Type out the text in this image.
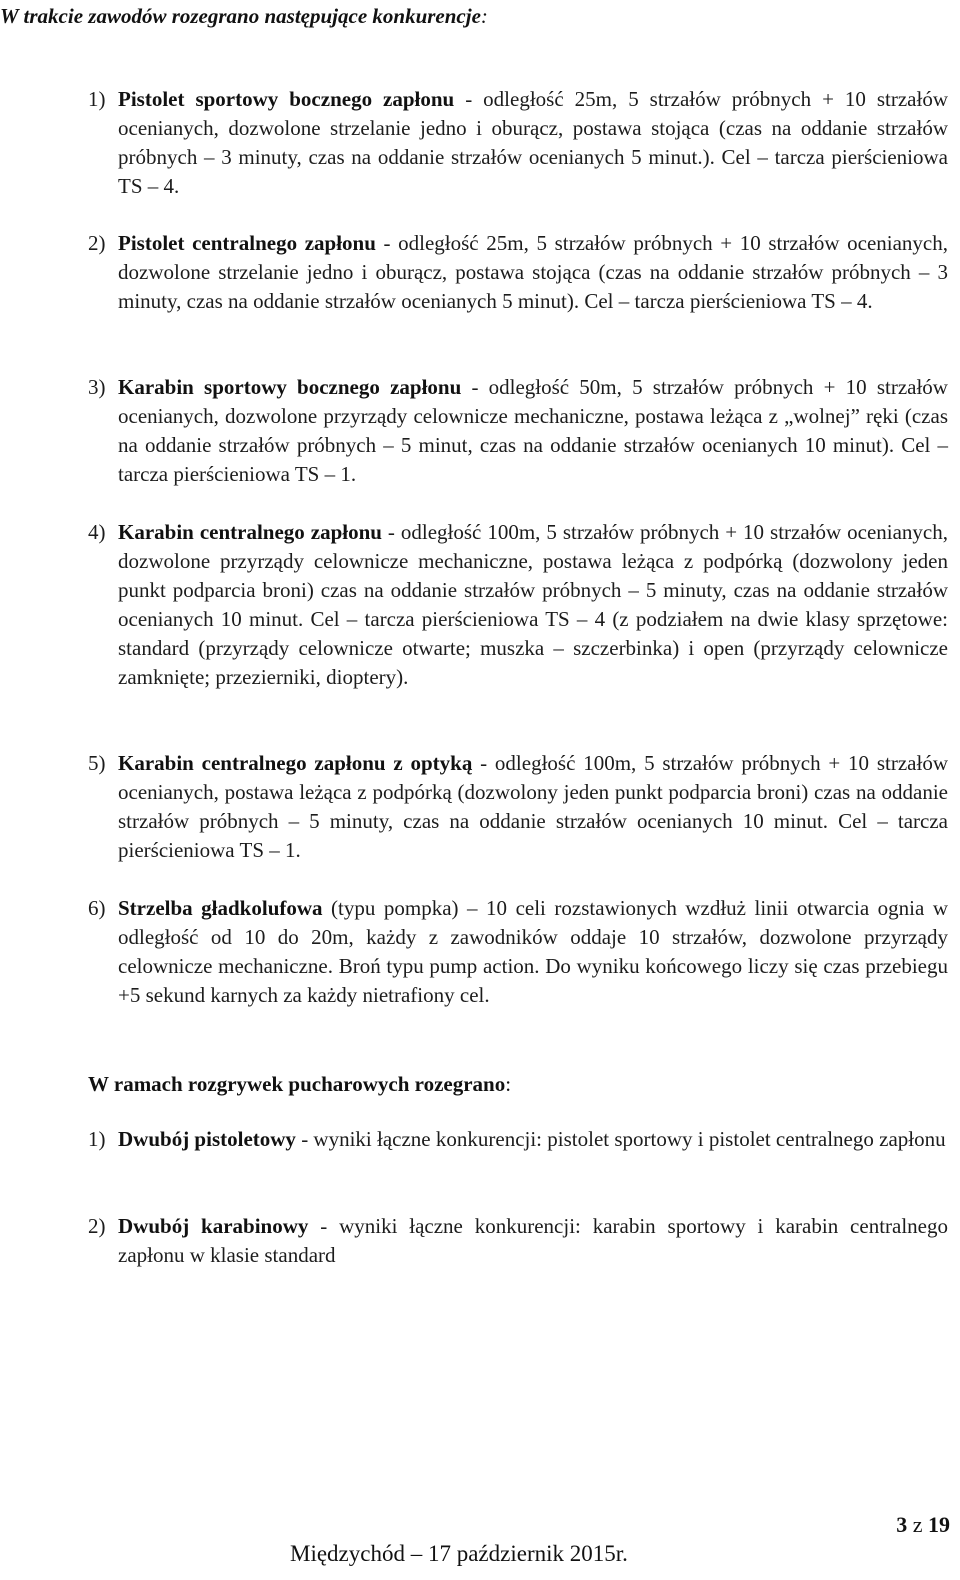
W trakcie zawodów rozegrano następujące konkurencje:
1) Pistolet sportowy bocznego zapłonu - odległość 25m, 5 strzałów próbnych + 10 strzałów ocenianych, dozwolone strzelanie jedno i oburącz, postawa stojąca (czas na oddanie strzałów próbnych – 3 minuty, czas na oddanie strzałów ocenianych 5 minut.). Cel – tarcza pierścieniowa TS – 4.
2) Pistolet centralnego zapłonu - odległość 25m, 5 strzałów próbnych + 10 strzałów ocenianych, dozwolone strzelanie jedno i oburącz, postawa stojąca (czas na oddanie strzałów próbnych – 3 minuty, czas na oddanie strzałów ocenianych 5 minut). Cel – tarcza pierścieniowa TS – 4.
3) Karabin sportowy bocznego zapłonu - odległość 50m, 5 strzałów próbnych + 10 strzałów ocenianych, dozwolone przyrządy celownicze mechaniczne, postawa leżąca z „wolnej” ręki (czas na oddanie strzałów próbnych – 5 minut, czas na oddanie strzałów ocenianych 10 minut). Cel – tarcza pierścieniowa TS – 1.
4) Karabin centralnego zapłonu - odległość 100m, 5 strzałów próbnych + 10 strzałów ocenianych, dozwolone przyrządy celownicze mechaniczne, postawa leżąca z podpórką (dozwolony jeden punkt podparcia broni) czas na oddanie strzałów próbnych – 5 minuty, czas na oddanie strzałów ocenianych 10 minut. Cel – tarcza pierścieniowa TS – 4 (z podziałem na dwie klasy sprzętowe: standard (przyrządy celownicze otwarte; muszka – szczerbinka) i open (przyrządy celownicze zamknięte; przezierniki, dioptery).
5) Karabin centralnego zapłonu z optyką - odległość 100m, 5 strzałów próbnych + 10 strzałów ocenianych, postawa leżąca z podpórką (dozwolony jeden punkt podparcia broni) czas na oddanie strzałów próbnych – 5 minuty, czas na oddanie strzałów ocenianych 10 minut. Cel – tarcza pierścieniowa TS – 1.
6) Strzelba gładkolufowa (typu pompka) – 10 celi rozstawionych wzdłuż linii otwarcia ognia w odległość od 10 do 20m, każdy z zawodników oddaje 10 strzałów, dozwolone przyrządy celownicze mechaniczne. Broń typu pump action. Do wyniku końcowego liczy się czas przebiegu +5 sekund karnych za każdy nietrafiony cel.
W ramach rozgrywek pucharowych rozegrano:
1) Dwubój pistoletowy - wyniki łączne konkurencji: pistolet sportowy i pistolet centralnego zapłonu
2) Dwubój karabinowy - wyniki łączne konkurencji: karabin sportowy i karabin centralnego zapłonu w klasie standard
3 z 19
Międzychód – 17 październik 2015r.
